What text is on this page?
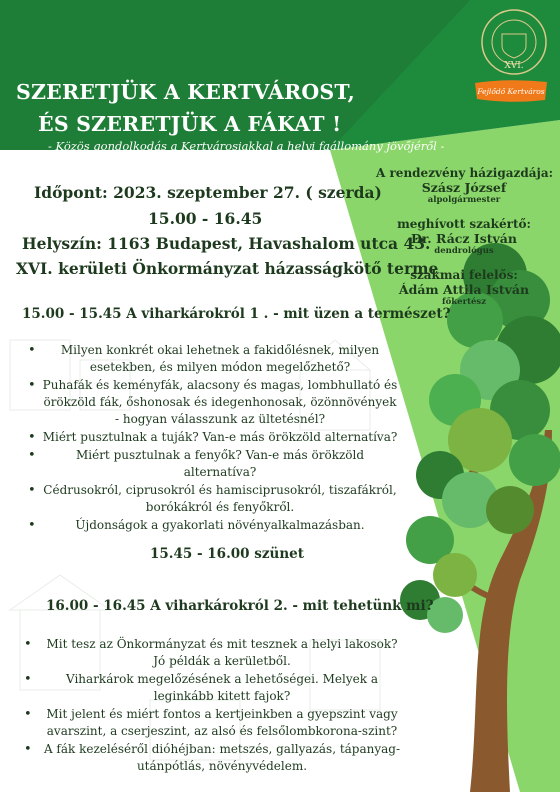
XVI.
Fejlődő Kertváros
SZERETJÜK A KERTVÁROST,
ÉS SZERETJÜK A FÁKAT !
- Közös gondolkodás a Kertvárosiakkal a helyi faállomány jövőjéről -
Időpont: 2023. szeptember 27. ( szerda)
15.00 - 16.45
Helyszín: 1163 Budapest, Havashalom utca 43.
XVI. kerületi Önkormányzat házasságkötő terme
A rendezvény házigazdája:
Szász József
alpolgármester
meghívott szakértő:
Dr. Rácz István
dendrológus
szakmai felelős:
Ádám Attila István
főkertész
15.00 - 15.45 A viharkárokról 1 . - mit üzen a természet?
• Milyen konkrét okai lehetnek a fakidőlésnek, milyen
esetekben, és milyen módon megelőzhető?
• Puhafák és keményfák, alacsony és magas, lombhullató és
örökzöld fák, őshonosak és idegenhonosak, özönnövények
- hogyan válasszunk az ültetésnél?
• Miért pusztulnak a tuják? Van-e más örökzöld alternatíva?
• Miért pusztulnak a fenyők? Van-e más örökzöld
alternatíva?
• Cédrusokról, ciprusokról és hamisciprusokról, tiszafákról,
borókákról és fenyőkről.
• Újdonságok a gyakorlati növényalkalmazásban.
15.45 - 16.00 szünet
16.00 - 16.45 A viharkárokról 2. - mit tehetünk mi?
• Mit tesz az Önkormányzat és mit tesznek a helyi lakosok?
Jó példák a kerületből.
• Viharkárok megelőzésének a lehetőségei. Melyek a
leginkább kitett fajok?
• Mit jelent és miért fontos a kertjeinkben a gyepszint vagy
avarszint, a cserjeszint, az alsó és felsőlombkorona-szint?
• A fák kezeléséről dióhéjban: metszés, gallyazás, tápanyag-
utánpótlás, növényvédelem.
